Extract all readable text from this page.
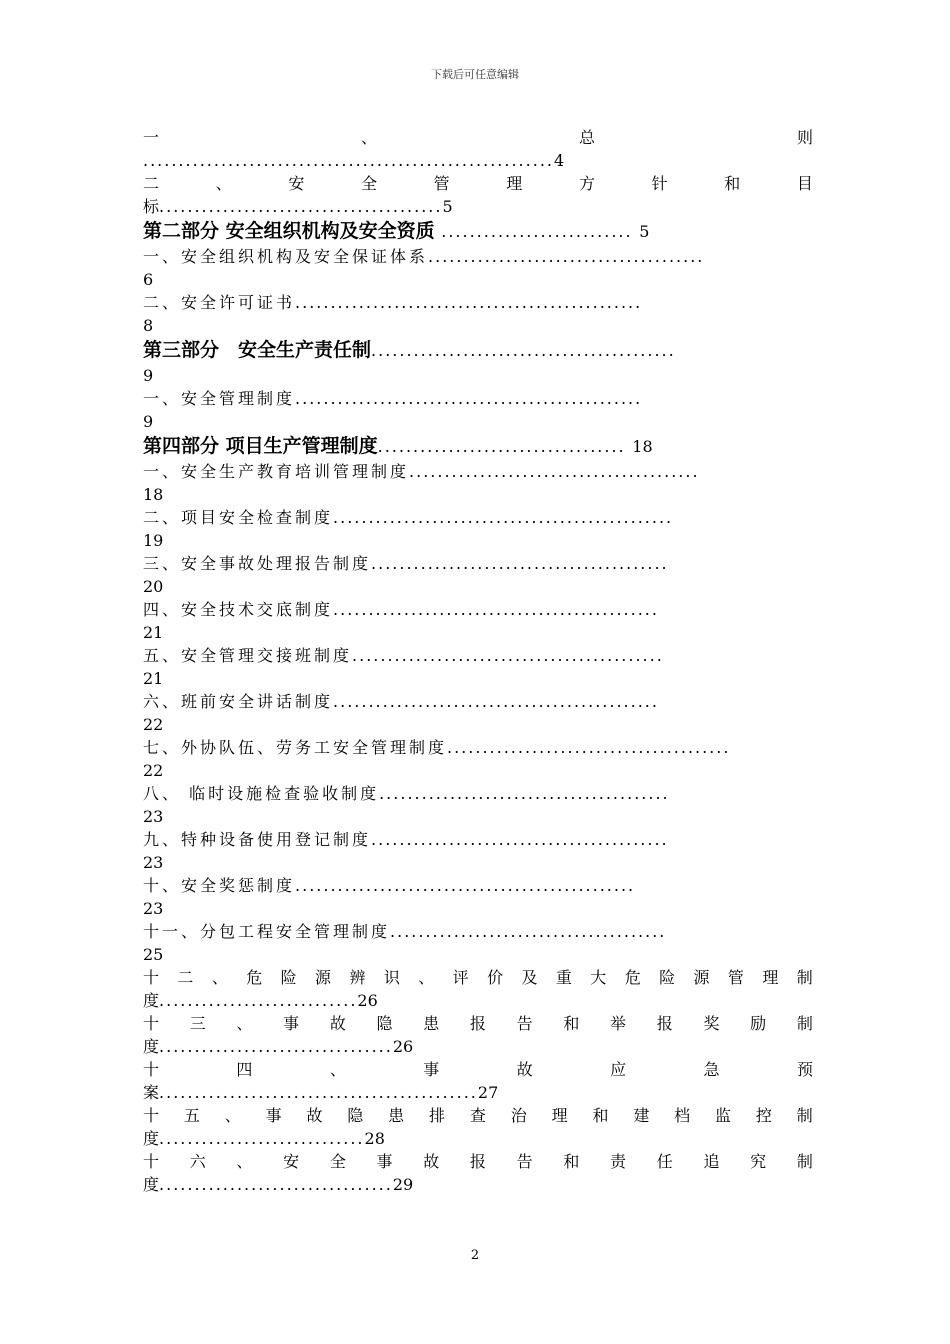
下载后可任意编辑
一	、	总	则
..........................................................4
二	、	安	全	管	理	方	针	和	目
标........................................5
第二部分 安全组织机构及安全资质 ........................... 5
一、安全组织机构及安全保证体系.......................................
6
二、安全许可证书.................................................
8
第三部分　安全生产责任制...........................................
9
一、安全管理制度.................................................
9
第四部分 项目生产管理制度................................... 18
一、安全生产教育培训管理制度.........................................
18
二、项目安全检查制度................................................
19
三、安全事故处理报告制度..........................................
20
四、安全技术交底制度..............................................
21
五、安全管理交接班制度............................................
21
六、班前安全讲话制度..............................................
22
七、外协队伍、劳务工安全管理制度........................................
22
八、 临时设施检查验收制度.........................................
23
九、特种设备使用登记制度..........................................
23
十、安全奖惩制度................................................
23
十一、分包工程安全管理制度.......................................
25
十 二 、 危 险 源 辨 识 、 评 价 及 重 大 危 险 源 管 理 制
度............................26
十 三 、 事 故 隐 患 报 告 和 举 报 奖 励 制
度.................................26
十	四	、	事	故	应	急	预
案.............................................27
十 五 、 事 故 隐 患 排 查 治 理 和 建 档 监 控 制
度.............................28
十 六 、 安 全 事 故 报 告 和 责 任 追 究 制
度.................................29
2
